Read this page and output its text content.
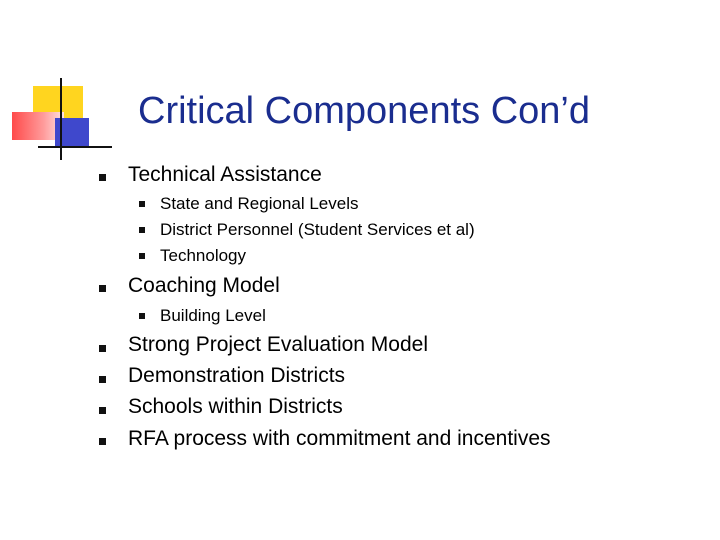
Critical Components Con’d
Technical Assistance
State and Regional Levels
District Personnel (Student Services et al)
Technology
Coaching Model
Building Level
Strong Project Evaluation Model
Demonstration Districts
Schools within Districts
RFA process with commitment and incentives
